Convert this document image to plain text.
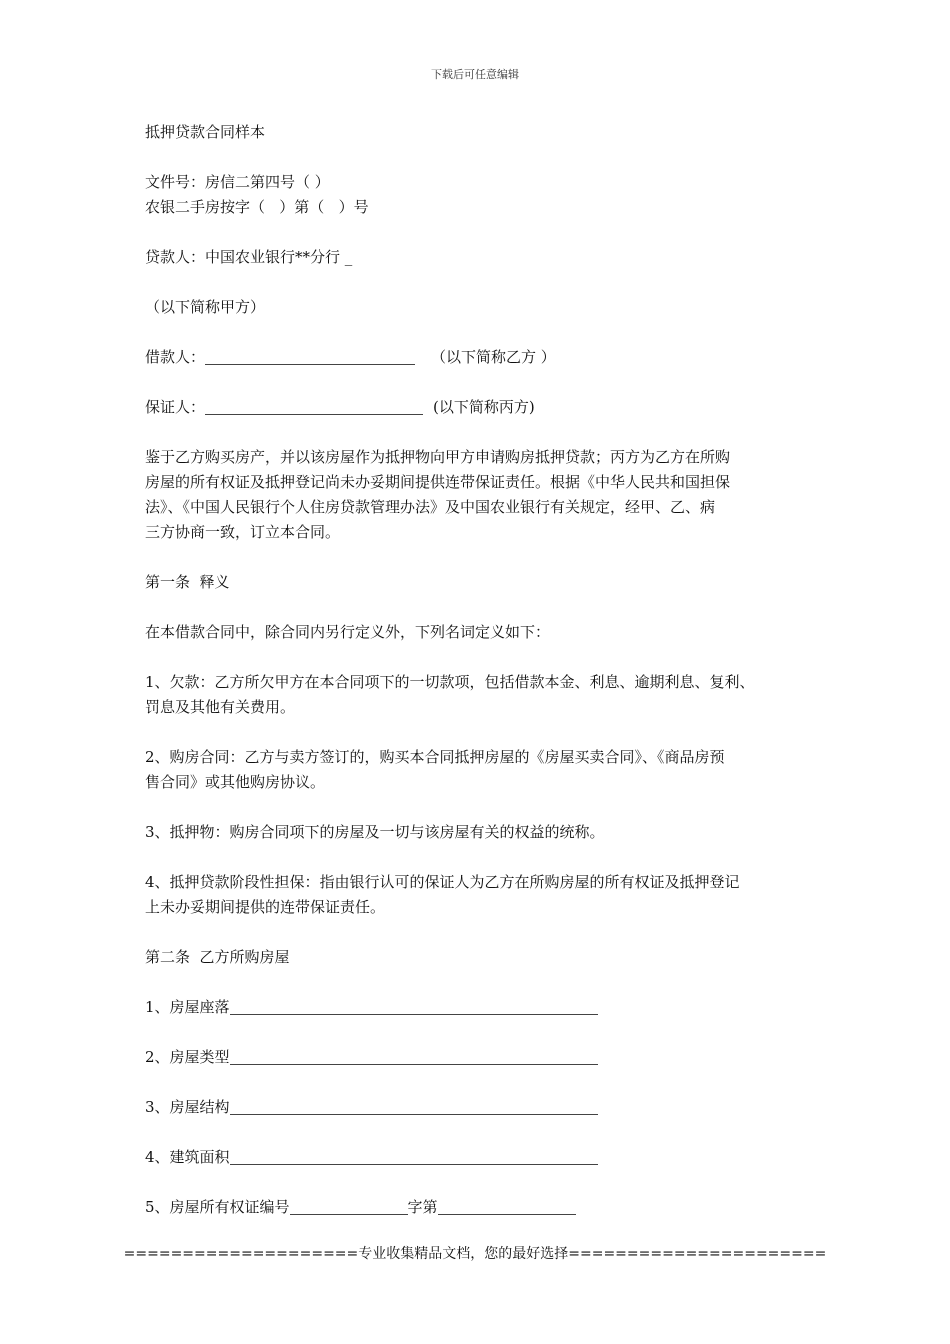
下载后可任意编辑

抵押贷款合同样本

文件号：房信二第四号（ ）

农银二手房按字（   ）第（   ）号

贷款人：中国农业银行**分行 _

（以下简称甲方）

借款人：	（以下简称乙方 ）

保证人：	(以下简称丙方)

鉴于乙方购买房产，并以该房屋作为抵押物向甲方申请购房抵押贷款；丙方为乙方在所购

房屋的所有权证及抵押登记尚未办妥期间提供连带保证责任。根据《中华人民共和国担保

法》、《中国人民银行个人住房贷款管理办法》及中国农业银行有关规定，经甲、乙、病

三方协商一致，订立本合同。

第一条  释义

在本借款合同中，除合同内另行定义外，下列名词定义如下：

1、欠款：乙方所欠甲方在本合同项下的一切款项，包括借款本金、利息、逾期利息、复利、

罚息及其他有关费用。

2、购房合同：乙方与卖方签订的，购买本合同抵押房屋的《房屋买卖合同》、《商品房预

售合同》或其他购房协议。

3、抵押物：购房合同项下的房屋及一切与该房屋有关的权益的统称。

4、抵押贷款阶段性担保：指由银行认可的保证人为乙方在所购房屋的所有权证及抵押登记

上未办妥期间提供的连带保证责任。

第二条  乙方所购房屋

1、房屋座落

2、房屋类型

3、房屋结构

4、建筑面积

5、房屋所有权证编号	字第

====================专业收集精品文档，您的最好选择======================
